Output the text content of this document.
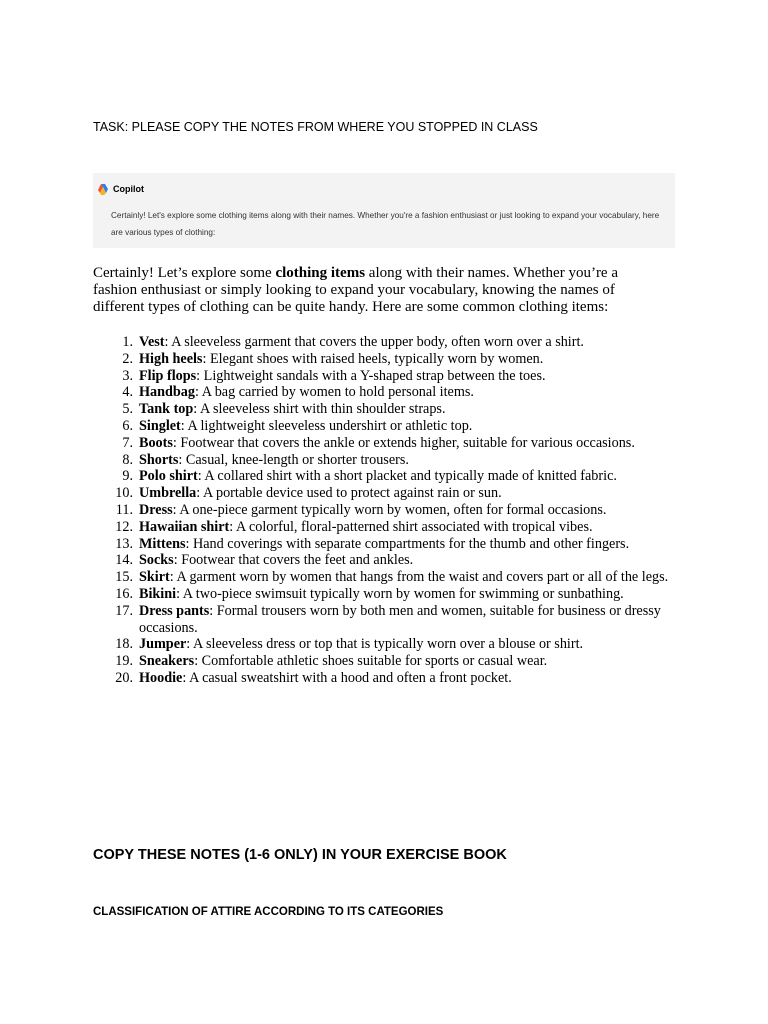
TASK: PLEASE COPY THE NOTES FROM WHERE YOU STOPPED IN CLASS
Copilot
Certainly! Let's explore some clothing items along with their names. Whether you're a fashion enthusiast or just looking to expand your vocabulary, here are various types of clothing:
Certainly! Let’s explore some clothing items along with their names. Whether you’re a fashion enthusiast or simply looking to expand your vocabulary, knowing the names of different types of clothing can be quite handy. Here are some common clothing items:
1. Vest: A sleeveless garment that covers the upper body, often worn over a shirt.
2. High heels: Elegant shoes with raised heels, typically worn by women.
3. Flip flops: Lightweight sandals with a Y-shaped strap between the toes.
4. Handbag: A bag carried by women to hold personal items.
5. Tank top: A sleeveless shirt with thin shoulder straps.
6. Singlet: A lightweight sleeveless undershirt or athletic top.
7. Boots: Footwear that covers the ankle or extends higher, suitable for various occasions.
8. Shorts: Casual, knee-length or shorter trousers.
9. Polo shirt: A collared shirt with a short placket and typically made of knitted fabric.
10. Umbrella: A portable device used to protect against rain or sun.
11. Dress: A one-piece garment typically worn by women, often for formal occasions.
12. Hawaiian shirt: A colorful, floral-patterned shirt associated with tropical vibes.
13. Mittens: Hand coverings with separate compartments for the thumb and other fingers.
14. Socks: Footwear that covers the feet and ankles.
15. Skirt: A garment worn by women that hangs from the waist and covers part or all of the legs.
16. Bikini: A two-piece swimsuit typically worn by women for swimming or sunbathing.
17. Dress pants: Formal trousers worn by both men and women, suitable for business or dressy occasions.
18. Jumper: A sleeveless dress or top that is typically worn over a blouse or shirt.
19. Sneakers: Comfortable athletic shoes suitable for sports or casual wear.
20. Hoodie: A casual sweatshirt with a hood and often a front pocket.
COPY THESE NOTES (1-6 ONLY) IN YOUR EXERCISE BOOK
CLASSIFICATION OF ATTIRE ACCORDING TO ITS CATEGORIES
